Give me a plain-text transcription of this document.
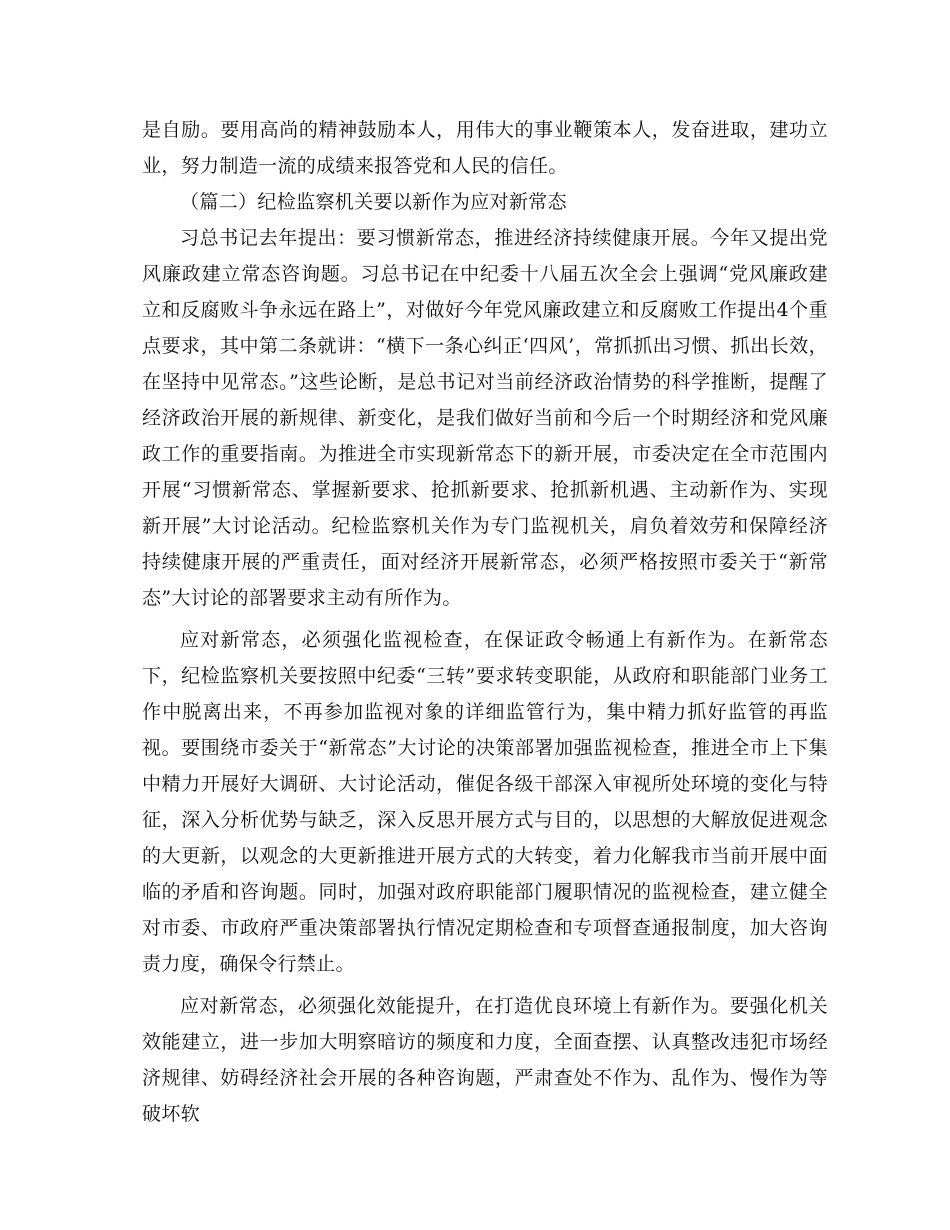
是自励。要用高尚的精神鼓励本人，用伟大的事业鞭策本人，发奋进取，建功立业，努力制造一流的成绩来报答党和人民的信任。

（篇二）纪检监察机关要以新作为应对新常态

习总书记去年提出：要习惯新常态，推进经济持续健康开展。今年又提出党风廉政建立常态咨询题。习总书记在中纪委十八届五次全会上强调“党风廉政建立和反腐败斗争永远在路上”，对做好今年党风廉政建立和反腐败工作提出4个重点要求，其中第二条就讲：“横下一条心纠正‘四风’，常抓抓出习惯、抓出长效，在坚持中见常态。”这些论断，是总书记对当前经济政治情势的科学推断，提醒了经济政治开展的新规律、新变化，是我们做好当前和今后一个时期经济和党风廉政工作的重要指南。为推进全市实现新常态下的新开展，市委决定在全市范围内开展“习惯新常态、掌握新要求、抢抓新要求、抢抓新机遇、主动新作为、实现新开展”大讨论活动。纪检监察机关作为专门监视机关，肩负着效劳和保障经济持续健康开展的严重责任，面对经济开展新常态，必须严格按照市委关于“新常态”大讨论的部署要求主动有所作为。

应对新常态，必须强化监视检查，在保证政令畅通上有新作为。在新常态下，纪检监察机关要按照中纪委“三转”要求转变职能，从政府和职能部门业务工作中脱离出来，不再参加监视对象的详细监管行为，集中精力抓好监管的再监视。要围绕市委关于“新常态”大讨论的决策部署加强监视检查，推进全市上下集中精力开展好大调研、大讨论活动，催促各级干部深入审视所处环境的变化与特征，深入分析优势与缺乏，深入反思开展方式与目的，以思想的大解放促进观念的大更新，以观念的大更新推进开展方式的大转变，着力化解我市当前开展中面临的矛盾和咨询题。同时，加强对政府职能部门履职情况的监视检查，建立健全对市委、市政府严重决策部署执行情况定期检查和专项督查通报制度，加大咨询责力度，确保令行禁止。

应对新常态，必须强化效能提升，在打造优良环境上有新作为。要强化机关效能建立，进一步加大明察暗访的频度和力度，全面查摆、认真整改违犯市场经济规律、妨碍经济社会开展的各种咨询题，严肃查处不作为、乱作为、慢作为等破坏软
